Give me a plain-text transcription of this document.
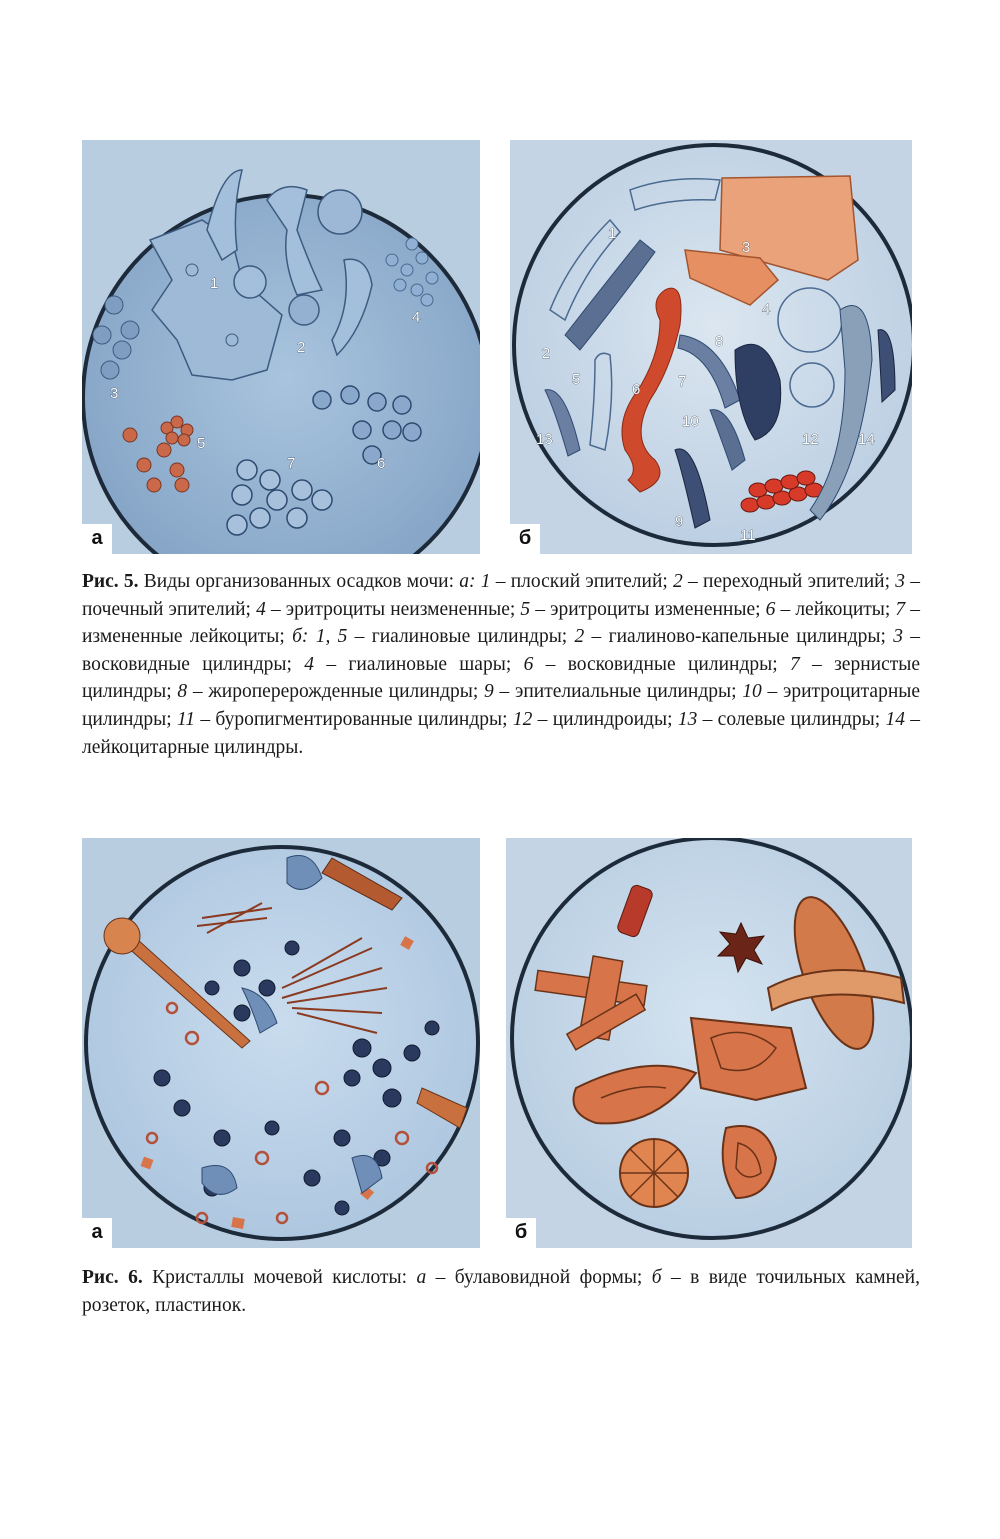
1
2
3
4
5
6
7
а
1
2
3
4
5
6	7
8
9
10
11
12
13	14
б
Рис. 5. Виды организованных осадков мочи: а: 1 – плоский эпителий; 2 – переходный эпителий; 3 – почечный эпителий; 4 – эритроциты неизмененные; 5 – эритроциты измененные; 6 – лейкоциты; 7 – измененные лейкоциты; б: 1, 5 – гиалиновые цилиндры; 2 – гиалиново-капельные цилиндры; 3 – восковидные цилиндры; 4 – гиалиновые шары; 6 – восковидные цилиндры; 7 – зернистые цилиндры; 8 – жироперерожденные цилиндры; 9 – эпителиальные цилиндры; 10 – эритроцитарные цилиндры; 11 – буропигментированные цилиндры; 12 – цилиндроиды; 13 – солевые цилиндры; 14 – лейкоцитарные цилиндры.
а	б
Рис. 6. Кристаллы мочевой кислоты: а – булавовидной формы; б – в виде точильных камней, розеток, пластинок.
